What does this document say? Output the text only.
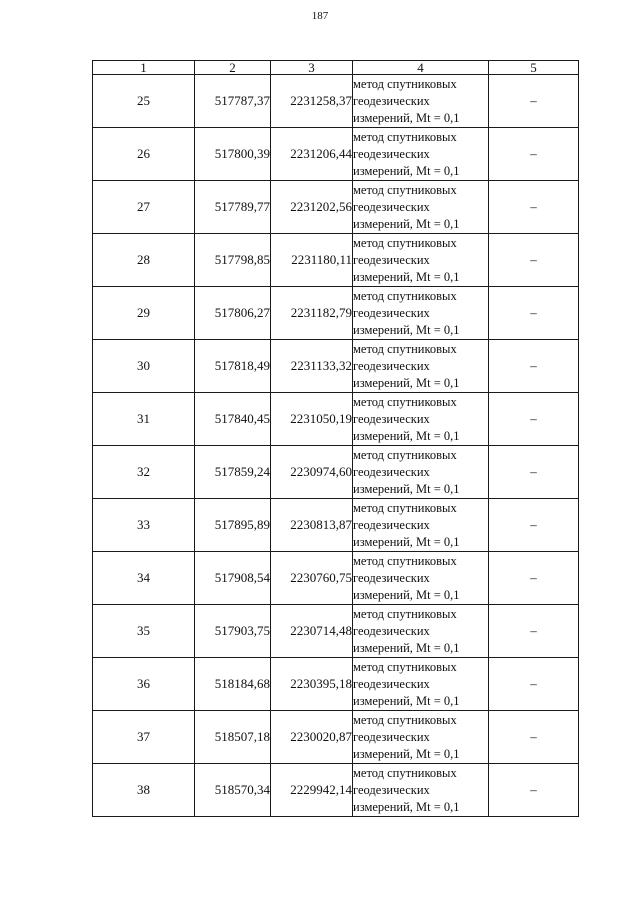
187
1	2	3	4	5
25	517787,37	2231258,37	метод спутниковых
геодезических
измерений, Mt = 0,1	–
26	517800,39	2231206,44	метод спутниковых
геодезических
измерений, Mt = 0,1	–
27	517789,77	2231202,56	метод спутниковых
геодезических
измерений, Mt = 0,1	–
28	517798,85	2231180,11	метод спутниковых
геодезических
измерений, Mt = 0,1	–
29	517806,27	2231182,79	метод спутниковых
геодезических
измерений, Mt = 0,1	–
30	517818,49	2231133,32	метод спутниковых
геодезических
измерений, Mt = 0,1	–
31	517840,45	2231050,19	метод спутниковых
геодезических
измерений, Mt = 0,1	–
32	517859,24	2230974,60	метод спутниковых
геодезических
измерений, Mt = 0,1	–
33	517895,89	2230813,87	метод спутниковых
геодезических
измерений, Mt = 0,1	–
34	517908,54	2230760,75	метод спутниковых
геодезических
измерений, Mt = 0,1	–
35	517903,75	2230714,48	метод спутниковых
геодезических
измерений, Mt = 0,1	–
36	518184,68	2230395,18	метод спутниковых
геодезических
измерений, Mt = 0,1	–
37	518507,18	2230020,87	метод спутниковых
геодезических
измерений, Mt = 0,1	–
38	518570,34	2229942,14	метод спутниковых
геодезических
измерений, Mt = 0,1	–
